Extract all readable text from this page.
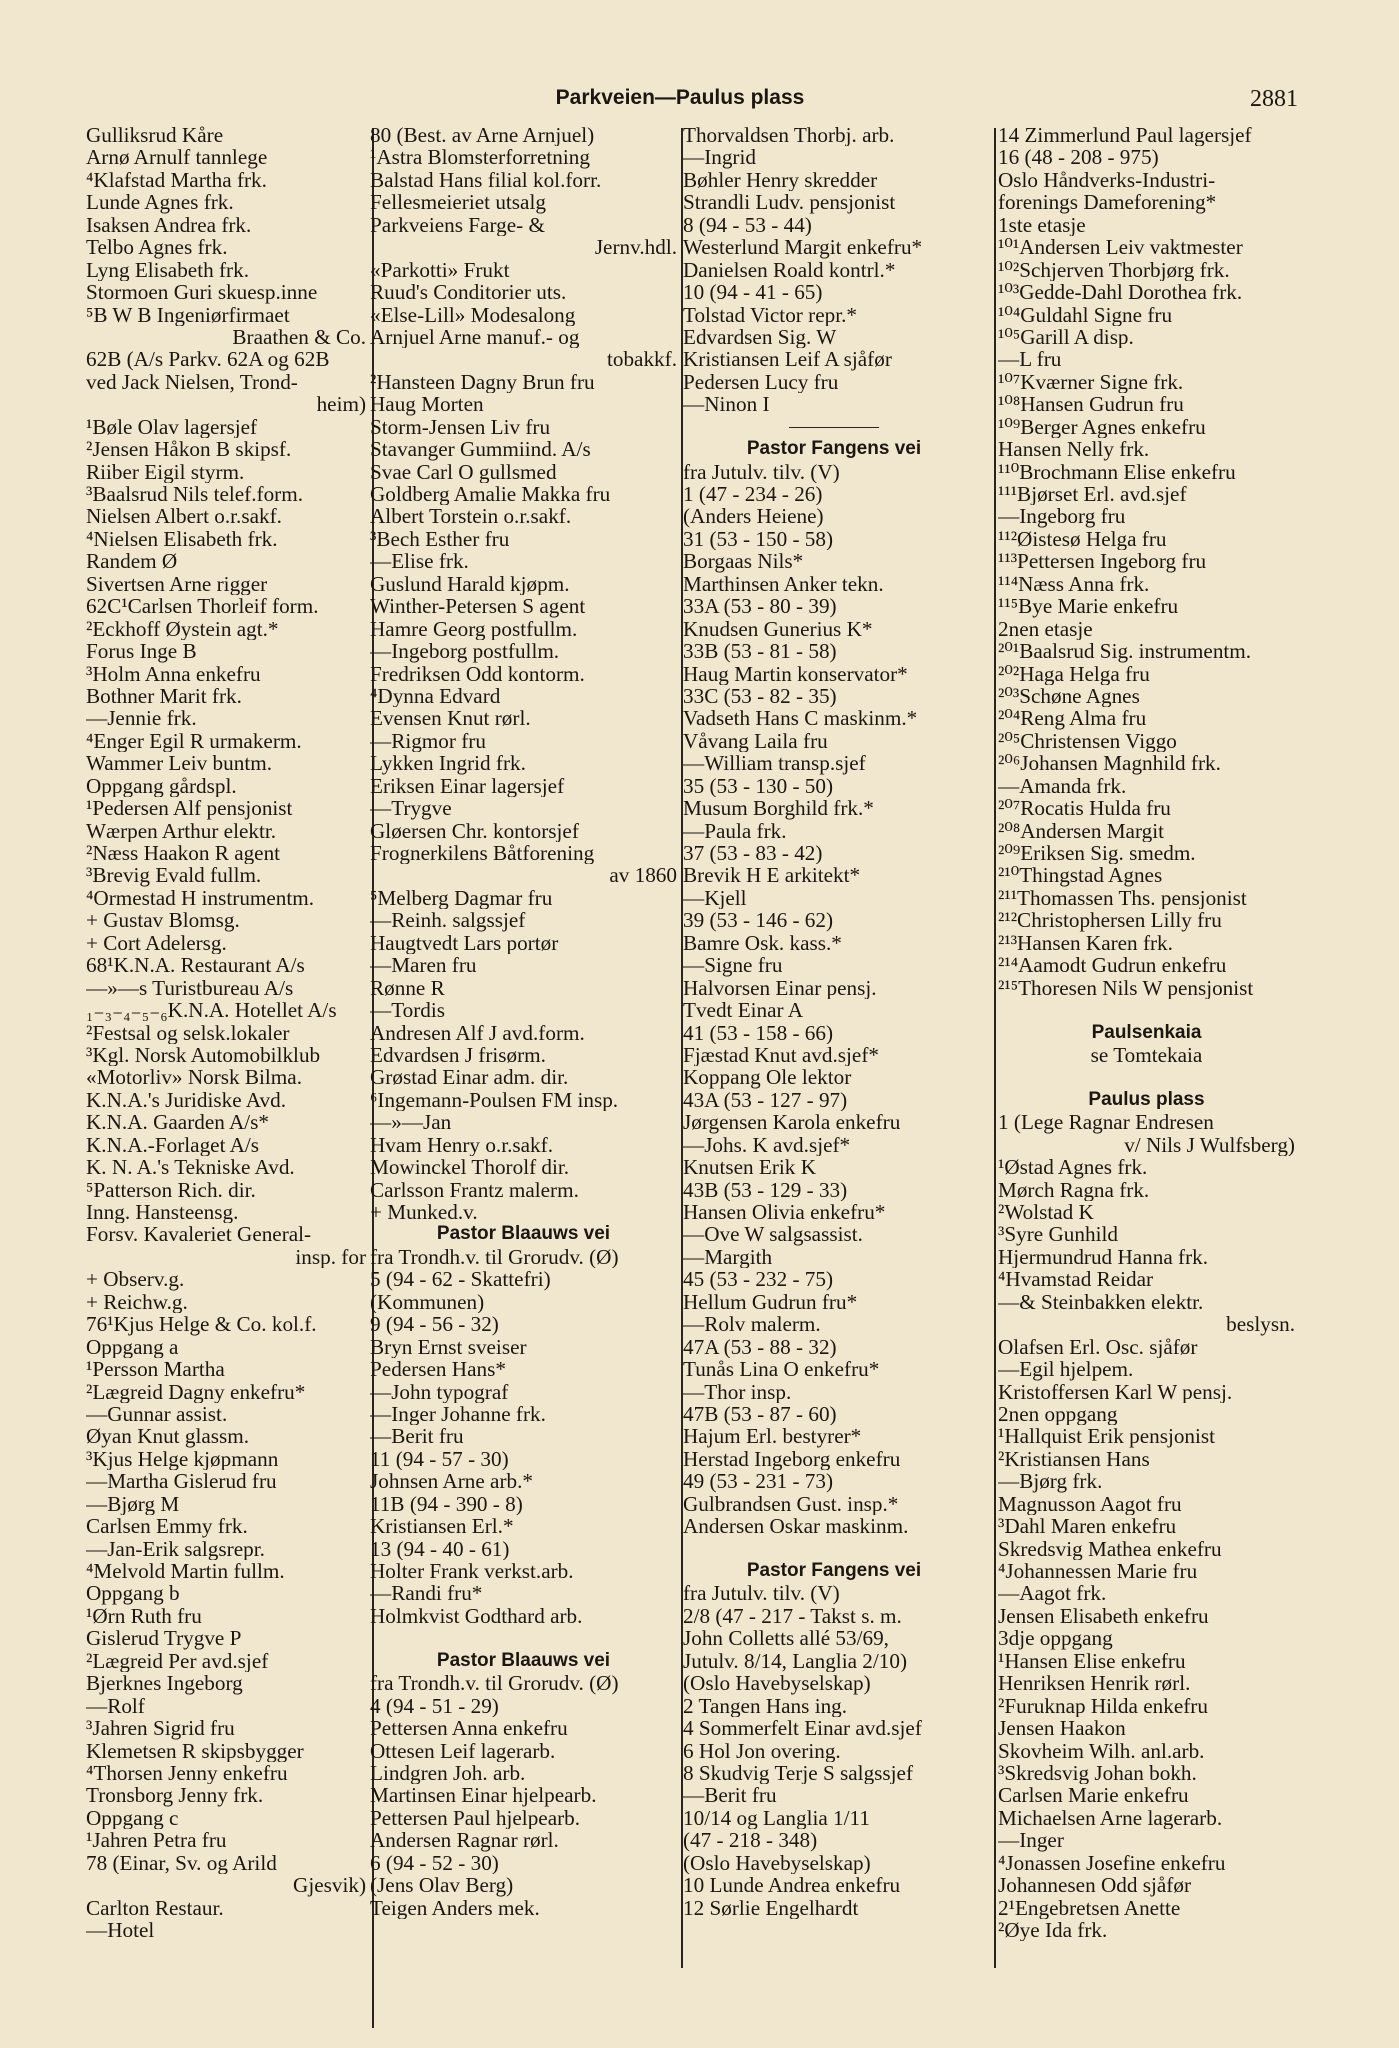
Parkveien—Paulus plass	2881
Gulliksrud Kåre
Arnø Arnulf tannlege
⁴Klafstad Martha frk.
Lunde Agnes frk.
Isaksen Andrea frk.
Telbo Agnes frk.
Lyng Elisabeth frk.
Stormoen Guri skuesp.inne
⁵B W B Ingeniørfirmaet
Braathen & Co.
62B (A/s Parkv. 62A og 62B
ved Jack Nielsen, Trond-
heim)
¹Bøle Olav lagersjef
²Jensen Håkon B skipsf.
Riiber Eigil styrm.
³Baalsrud Nils telef.form.
Nielsen Albert o.r.sakf.
⁴Nielsen Elisabeth frk.
Randem Ø
Sivertsen Arne rigger
62C¹Carlsen Thorleif form.
²Eckhoff Øystein agt.*
Forus Inge B
³Holm Anna enkefru
Bothner Marit frk.
—Jennie frk.
⁴Enger Egil R urmakerm.
Wammer Leiv buntm.
Oppgang gårdspl.
¹Pedersen Alf pensjonist
Wærpen Arthur elektr.
²Næss Haakon R agent
³Brevig Evald fullm.
⁴Ormestad H instrumentm.
+ Gustav Blomsg.
+ Cort Adelersg.
68¹K.N.A. Restaurant A/s
—»—s Turistbureau A/s
₁₋₃₋₄₋₅₋₆K.N.A. Hotellet A/s
²Festsal og selsk.lokaler
³Kgl. Norsk Automobilklub
«Motorliv» Norsk Bilma.
K.N.A.'s Juridiske Avd.
K.N.A. Gaarden A/s*
K.N.A.-Forlaget A/s
K. N. A.'s Tekniske Avd.
⁵Patterson Rich. dir.
Inng. Hansteensg.
Forsv. Kavaleriet General-
insp. for
+ Observ.g.
+ Reichw.g.
76¹Kjus Helge & Co. kol.f.
Oppgang a
¹Persson Martha
²Lægreid Dagny enkefru*
—Gunnar assist.
Øyan Knut glassm.
³Kjus Helge kjøpmann
—Martha Gislerud fru
—Bjørg M
Carlsen Emmy frk.
—Jan-Erik salgsrepr.
⁴Melvold Martin fullm.
Oppgang b
¹Ørn Ruth fru
Gislerud Trygve P
²Lægreid Per avd.sjef
Bjerknes Ingeborg
—Rolf
³Jahren Sigrid fru
Klemetsen R skipsbygger
⁴Thorsen Jenny enkefru
Tronsborg Jenny frk.
Oppgang c
¹Jahren Petra fru
78 (Einar, Sv. og Arild
Gjesvik)
Carlton Restaur.
—Hotel
80 (Best. av Arne Arnjuel)
¹Astra Blomsterforretning
Balstad Hans filial kol.forr.
Fellesmeieriet utsalg
Parkveiens Farge- &
Jernv.hdl.
«Parkotti» Frukt
Ruud's Conditorier uts.
«Else-Lill» Modesalong
Arnjuel Arne manuf.- og
tobakkf.
²Hansteen Dagny Brun fru
Haug Morten
Storm-Jensen Liv fru
Stavanger Gummiind. A/s
Svae Carl O gullsmed
Goldberg Amalie Makka fru
Albert Torstein o.r.sakf.
³Bech Esther fru
—Elise frk.
Guslund Harald kjøpm.
Winther-Petersen S agent
Hamre Georg postfullm.
—Ingeborg postfullm.
Fredriksen Odd kontorm.
⁴Dynna Edvard
Evensen Knut rørl.
—Rigmor fru
Lykken Ingrid frk.
Eriksen Einar lagersjef
—Trygve
Gløersen Chr. kontorsjef
Frognerkilens Båtforening
av 1860
⁵Melberg Dagmar fru
—Reinh. salgssjef
Haugtvedt Lars portør
—Maren fru
Rønne R
—Tordis
Andresen Alf J avd.form.
Edvardsen J frisørm.
Grøstad Einar adm. dir.
⁶Ingemann-Poulsen FM insp.
—»—Jan
Hvam Henry o.r.sakf.
Mowinckel Thorolf dir.
Carlsson Frantz malerm.
+ Munked.v.
Pastor Blaauws vei
fra Trondh.v. til Grorudv. (Ø)
5 (94 - 62 - Skattefri)
(Kommunen)
9 (94 - 56 - 32)
Bryn Ernst sveiser
Pedersen Hans*
—John typograf
—Inger Johanne frk.
—Berit fru
11 (94 - 57 - 30)
Johnsen Arne arb.*
11B (94 - 390 - 8)
Kristiansen Erl.*
13 (94 - 40 - 61)
Holter Frank verkst.arb.
—Randi fru*
Holmkvist Godthard arb.
Pastor Blaauws vei
fra Trondh.v. til Grorudv. (Ø)
4 (94 - 51 - 29)
Pettersen Anna enkefru
Ottesen Leif lagerarb.
Lindgren Joh. arb.
Martinsen Einar hjelpearb.
Pettersen Paul hjelpearb.
Andersen Ragnar rørl.
6 (94 - 52 - 30)
(Jens Olav Berg)
Teigen Anders mek.
Thorvaldsen Thorbj. arb.
—Ingrid
Bøhler Henry skredder
Strandli Ludv. pensjonist
8 (94 - 53 - 44)
Westerlund Margit enkefru*
Danielsen Roald kontrl.*
10 (94 - 41 - 65)
Tolstad Victor repr.*
Edvardsen Sig. W
Kristiansen Leif A sjåfør
Pedersen Lucy fru
—Ninon I
Pastor Fangens vei
fra Jutulv. tilv. (V)
1 (47 - 234 - 26)
(Anders Heiene)
31 (53 - 150 - 58)
Borgaas Nils*
Marthinsen Anker tekn.
33A (53 - 80 - 39)
Knudsen Gunerius K*
33B (53 - 81 - 58)
Haug Martin konservator*
33C (53 - 82 - 35)
Vadseth Hans C maskinm.*
Våvang Laila fru
—William transp.sjef
35 (53 - 130 - 50)
Musum Borghild frk.*
—Paula frk.
37 (53 - 83 - 42)
Brevik H E arkitekt*
—Kjell
39 (53 - 146 - 62)
Bamre Osk. kass.*
—Signe fru
Halvorsen Einar pensj.
Tvedt Einar A
41 (53 - 158 - 66)
Fjæstad Knut avd.sjef*
Koppang Ole lektor
43A (53 - 127 - 97)
Jørgensen Karola enkefru
—Johs. K avd.sjef*
Knutsen Erik K
43B (53 - 129 - 33)
Hansen Olivia enkefru*
—Ove W salgsassist.
—Margith
45 (53 - 232 - 75)
Hellum Gudrun fru*
—Rolv malerm.
47A (53 - 88 - 32)
Tunås Lina O enkefru*
—Thor insp.
47B (53 - 87 - 60)
Hajum Erl. bestyrer*
Herstad Ingeborg enkefru
49 (53 - 231 - 73)
Gulbrandsen Gust. insp.*
Andersen Oskar maskinm.
Pastor Fangens vei
fra Jutulv. tilv. (V)
2/8 (47 - 217 - Takst s. m.
John Colletts allé 53/69,
Jutulv. 8/14, Langlia 2/10)
(Oslo Havebyselskap)
2 Tangen Hans ing.
4 Sommerfelt Einar avd.sjef
6 Hol Jon overing.
8 Skudvig Terje S salgssjef
—Berit fru
10/14 og Langlia 1/11
(47 - 218 - 348)
(Oslo Havebyselskap)
10 Lunde Andrea enkefru
12 Sørlie Engelhardt
14 Zimmerlund Paul lagersjef
16 (48 - 208 - 975)
Oslo Håndverks-Industri-
forenings Dameforening*
1ste etasje
¹⁰¹Andersen Leiv vaktmester
¹⁰²Schjerven Thorbjørg frk.
¹⁰³Gedde-Dahl Dorothea frk.
¹⁰⁴Guldahl Signe fru
¹⁰⁵Garill A disp.
—L fru
¹⁰⁷Kværner Signe frk.
¹⁰⁸Hansen Gudrun fru
¹⁰⁹Berger Agnes enkefru
Hansen Nelly frk.
¹¹⁰Brochmann Elise enkefru
¹¹¹Bjørset Erl. avd.sjef
—Ingeborg fru
¹¹²Øistesø Helga fru
¹¹³Pettersen Ingeborg fru
¹¹⁴Næss Anna frk.
¹¹⁵Bye Marie enkefru
2nen etasje
²⁰¹Baalsrud Sig. instrumentm.
²⁰²Haga Helga fru
²⁰³Schøne Agnes
²⁰⁴Reng Alma fru
²⁰⁵Christensen Viggo
²⁰⁶Johansen Magnhild frk.
—Amanda frk.
²⁰⁷Rocatis Hulda fru
²⁰⁸Andersen Margit
²⁰⁹Eriksen Sig. smedm.
²¹⁰Thingstad Agnes
²¹¹Thomassen Ths. pensjonist
²¹²Christophersen Lilly fru
²¹³Hansen Karen frk.
²¹⁴Aamodt Gudrun enkefru
²¹⁵Thoresen Nils W pensjonist
Paulsenkaia
se Tomtekaia
Paulus plass
1 (Lege Ragnar Endresen
v/ Nils J Wulfsberg)
¹Østad Agnes frk.
Mørch Ragna frk.
²Wolstad K
³Syre Gunhild
Hjermundrud Hanna frk.
⁴Hvamstad Reidar
—& Steinbakken elektr.
beslysn.
Olafsen Erl. Osc. sjåfør
—Egil hjelpem.
Kristoffersen Karl W pensj.
2nen oppgang
¹Hallquist Erik pensjonist
²Kristiansen Hans
—Bjørg frk.
Magnusson Aagot fru
³Dahl Maren enkefru
Skredsvig Mathea enkefru
⁴Johannessen Marie fru
—Aagot frk.
Jensen Elisabeth enkefru
3dje oppgang
¹Hansen Elise enkefru
Henriksen Henrik rørl.
²Furuknap Hilda enkefru
Jensen Haakon
Skovheim Wilh. anl.arb.
³Skredsvig Johan bokh.
Carlsen Marie enkefru
Michaelsen Arne lagerarb.
—Inger
⁴Jonassen Josefine enkefru
Johannesen Odd sjåfør
2¹Engebretsen Anette
²Øye Ida frk.
